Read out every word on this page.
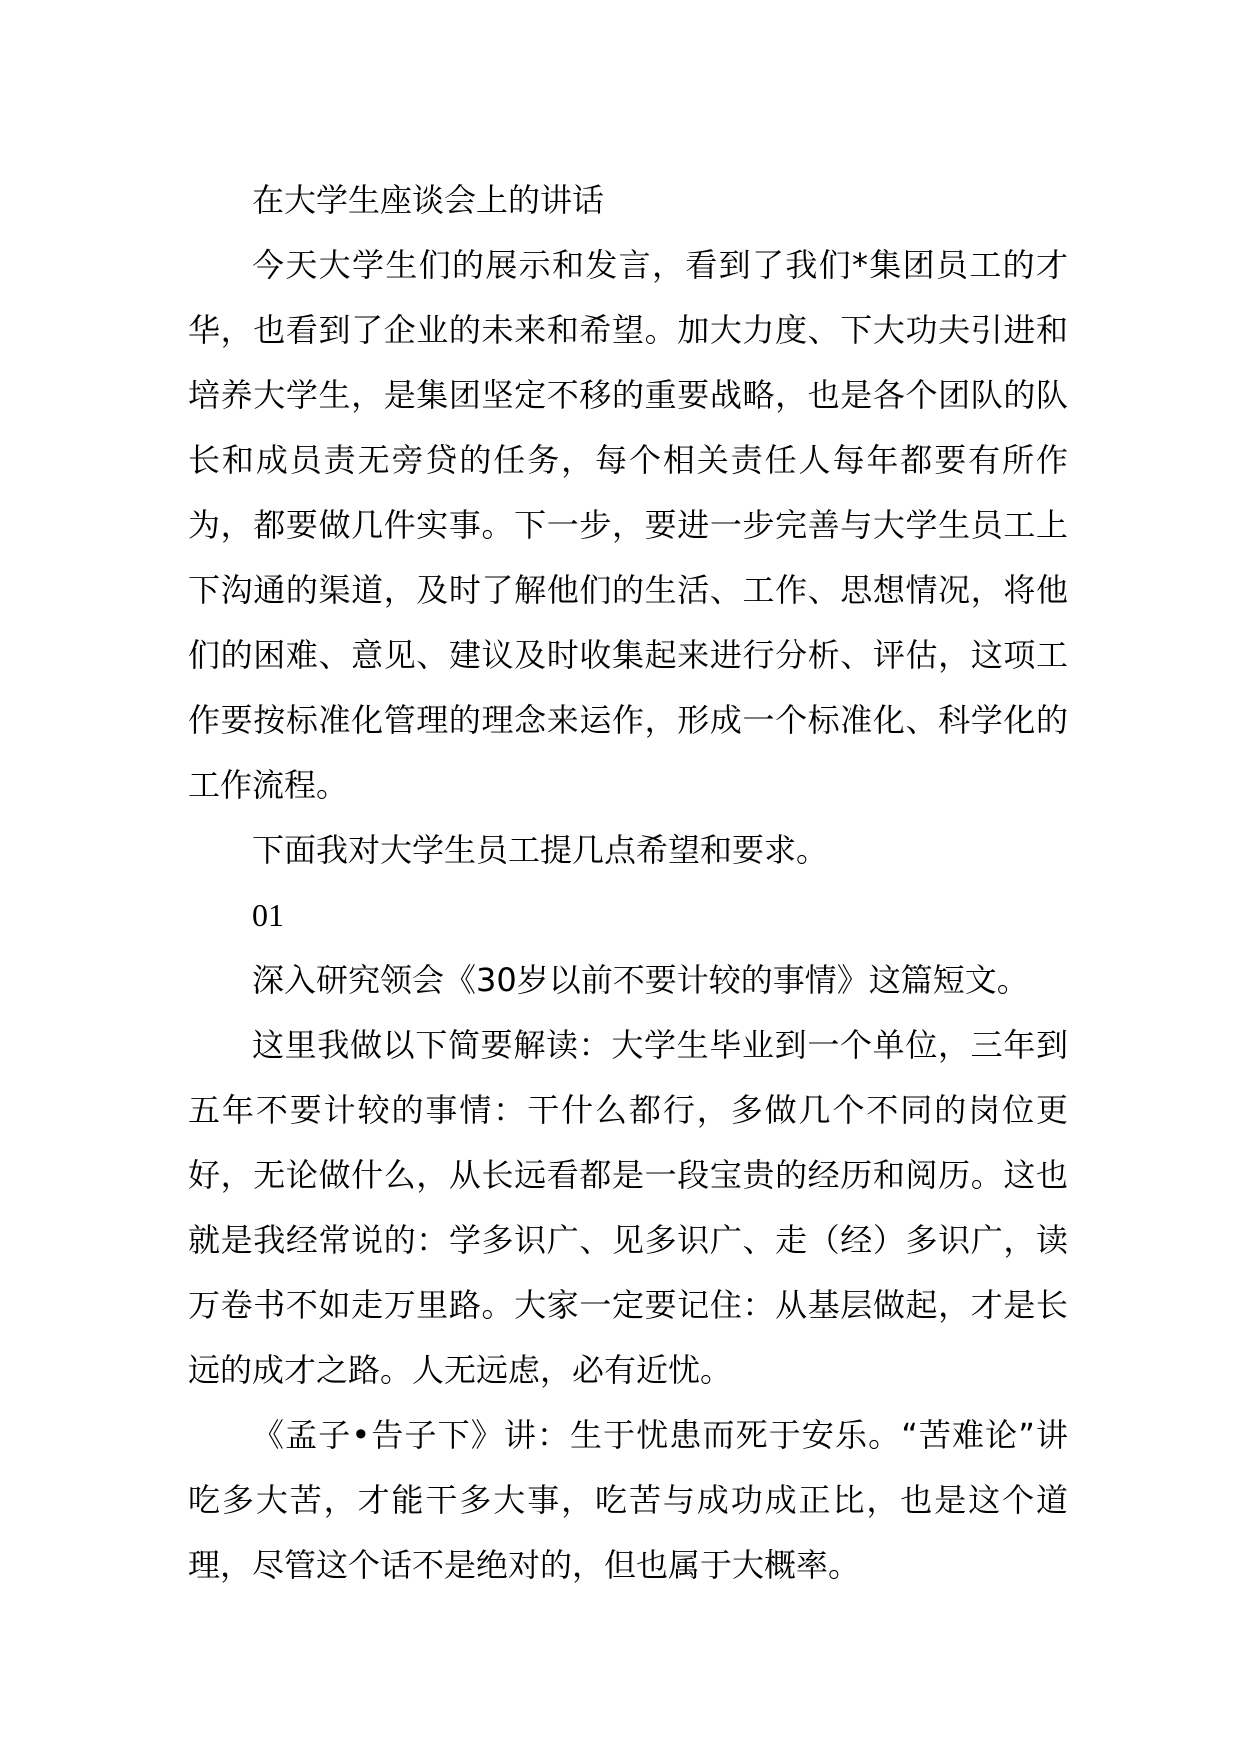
在大学生座谈会上的讲话

今天大学生们的展示和发言，看到了我们*集团员工的才华，也看到了企业的未来和希望。加大力度、下大功夫引进和培养大学生，是集团坚定不移的重要战略，也是各个团队的队长和成员责无旁贷的任务，每个相关责任人每年都要有所作为，都要做几件实事。下一步，要进一步完善与大学生员工上下沟通的渠道，及时了解他们的生活、工作、思想情况，将他们的困难、意见、建议及时收集起来进行分析、评估，这项工作要按标准化管理的理念来运作，形成一个标准化、科学化的工作流程。

下面我对大学生员工提几点希望和要求。

01

深入研究领会《30岁以前不要计较的事情》这篇短文。

这里我做以下简要解读：大学生毕业到一个单位，三年到五年不要计较的事情：干什么都行，多做几个不同的岗位更好，无论做什么，从长远看都是一段宝贵的经历和阅历。这也就是我经常说的：学多识广、见多识广、走（经）多识广，读万卷书不如走万里路。大家一定要记住：从基层做起，才是长远的成才之路。人无远虑，必有近忧。

《孟子•告子下》讲：生于忧患而死于安乐。“苦难论”讲吃多大苦，才能干多大事，吃苦与成功成正比，也是这个道理，尽管这个话不是绝对的，但也属于大概率。
